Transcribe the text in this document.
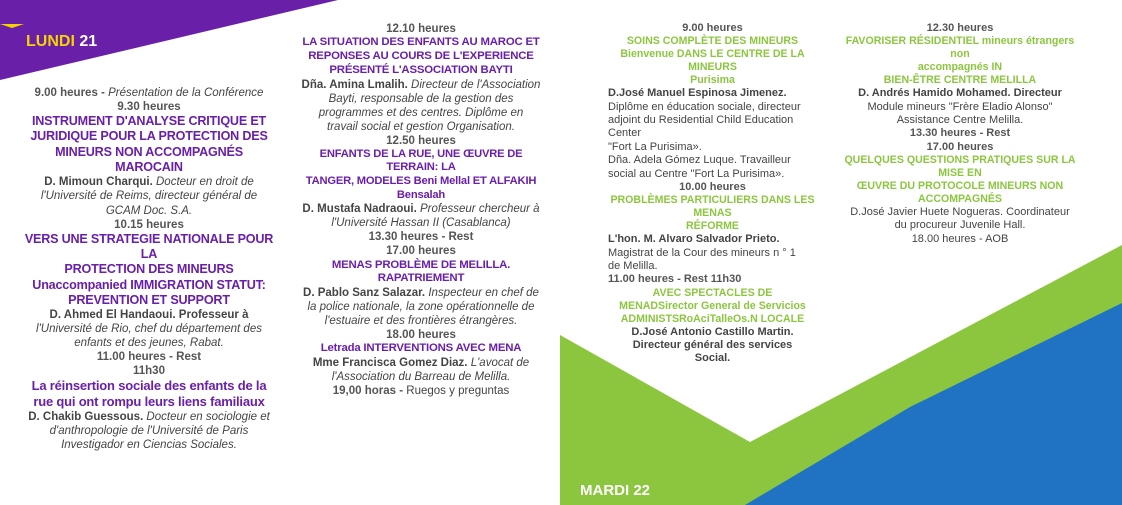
LUNDI 21
MARDI 22
9.00 heures - Présentation de la Conférence
9.30 heures
INSTRUMENT D'ANALYSE CRITIQUE ET
JURIDIQUE POUR LA PROTECTION DES
MINEURS NON ACCOMPAGNÉS MAROCAIN
D. Mimoun Charqui. Docteur en droit de
l'Université de Reims, directeur général de
GCAM Doc. S.A.
10.15 heures
VERS UNE STRATEGIE NATIONALE POUR LA
PROTECTION DES MINEURS
Unaccompanied IMMIGRATION STATUT:
PREVENTION ET SUPPORT
D. Ahmed El Handaoui. Professeur à
l'Université de Rio, chef du département des
enfants et des jeunes, Rabat.
11.00 heures - Rest
11h30
La réinsertion sociale des enfants de la
rue qui ont rompu leurs liens familiaux
D. Chakib Guessous. Docteur en sociologie et
d'anthropologie de l'Université de Paris
Investigador en Ciencias Sociales.
12.10 heures
LA SITUATION DES ENFANTS AU MAROC ET
REPONSES AU COURS DE L'EXPERIENCE
PRÉSENTÉ L'ASSOCIATION BAYTI
Dña. Amina Lmalih. Directeur de l'Association
Bayti, responsable de la gestion des
programmes et des centres. Diplôme en
travail social et gestion Organisation.
12.50 heures
ENFANTS DE LA RUE, UNE ŒUVRE DE TERRAIN: LA
TANGER, MODELES Beni Mellal ET ALFAKIH
Bensalah
D. Mustafa Nadraoui. Professeur chercheur à
l'Université Hassan II (Casablanca)
13.30 heures - Rest
17.00 heures
MENAS PROBLÈME DE MELILLA.
RAPATRIEMENT
D. Pablo Sanz Salazar. Inspecteur en chef de
la police nationale, la zone opérationnelle de
l'estuaire et des frontières étrangères.
18.00 heures
Letrada INTERVENTIONS AVEC MENA
Mme Francisca Gomez Diaz. L'avocat de
l'Association du Barreau de Melilla.
19,00 horas - Ruegos y preguntas
9.00 heures
SOINS COMPLÈTE DES MINEURS
Bienvenue DANS LE CENTRE DE LA MINEURS
Purisima
D.José Manuel Espinosa Jimenez.
Diplôme en éducation sociale, directeur
adjoint du Residential Child Education
Center
"Fort La Purisima».
Dña. Adela Gómez Luque. Travailleur
social au Centre "Fort La Purisima».
10.00 heures
PROBLÈMES PARTICULIERS DANS LES MENAS
RÉFORME
L'hon. M. Alvaro Salvador Prieto.
Magistrat de la Cour des mineurs n ° 1
de Melilla.
11.00 heures - Rest 11h30
AVEC SPECTACLES DE
MENADSirector General de Servicios
ADMINISTSRoAciTalleOs.N LOCALE
D.José Antonio Castillo Martin.
Directeur général des services
Social.
12.30 heures
FAVORISER RÉSIDENTIEL mineurs étrangers non
accompagnés IN
BIEN-ÊTRE CENTRE MELILLA
D. Andrés Hamido Mohamed. Directeur
Module mineurs "Frère Eladio Alonso"
Assistance Centre Melilla.
13.30 heures - Rest
17.00 heures
QUELQUES QUESTIONS PRATIQUES SUR LA MISE EN
ŒUVRE DU PROTOCOLE MINEURS NON ACCOMPAGNÉS
D.José Javier Huete Nogueras. Coordinateur
du procureur Juvenile Hall.
18.00 heures - AOB
